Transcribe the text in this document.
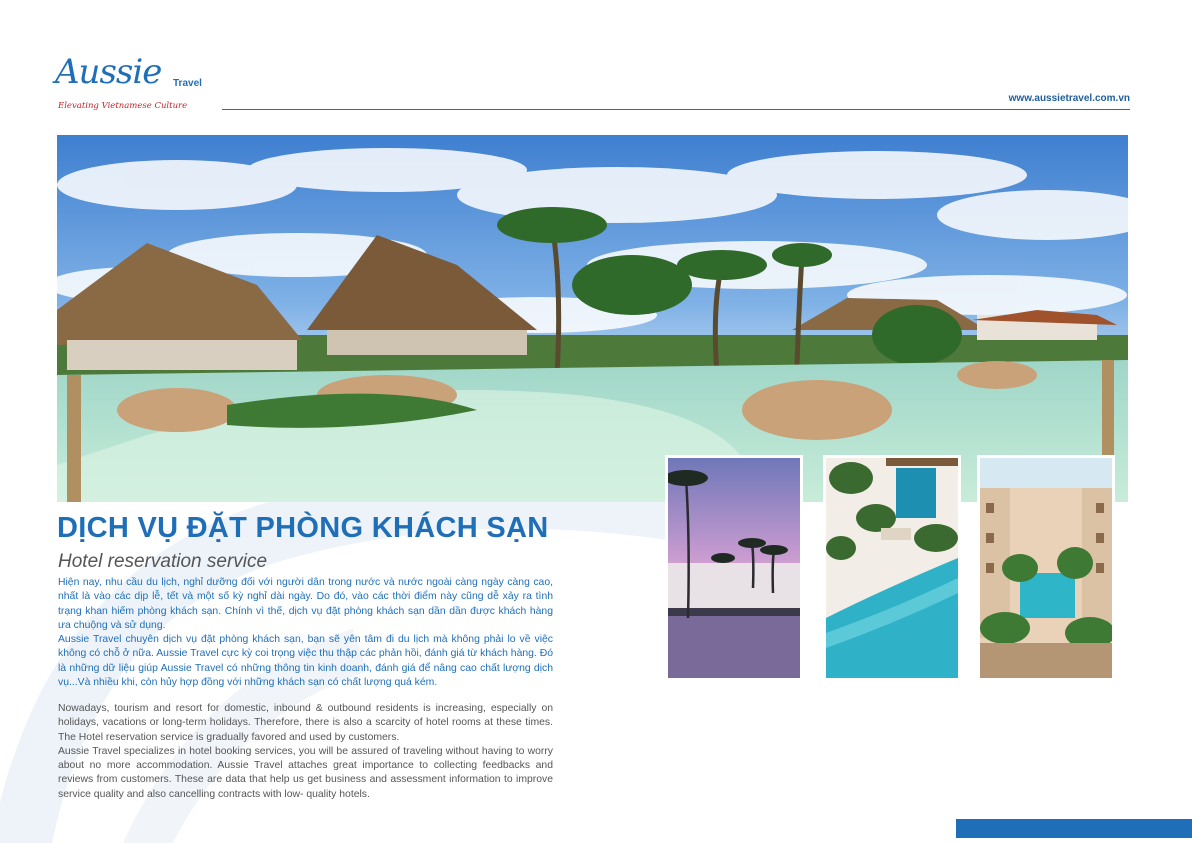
Aussie Travel
Elevating Vietnamese Culture
www.aussietravel.com.vn
DỊCH VỤ ĐẶT PHÒNG KHÁCH SẠN
Hotel reservation service

Hiện nay, nhu cầu du lịch, nghỉ dưỡng đối với người dân trong nước và nước ngoài càng ngày càng cao, nhất là vào các dịp lễ, tết và một số kỳ nghỉ dài ngày. Do đó, vào các thời điểm này cũng dễ xảy ra tình trạng khan hiếm phòng khách sạn. Chính vì thế, dịch vụ đặt phòng khách sạn dần dần được khách hàng ưa chuộng và sử dụng.

Aussie Travel chuyên dịch vụ đặt phòng khách sạn, bạn sẽ yên tâm đi du lịch mà không phải lo về việc không có chỗ ở nữa. Aussie Travel cực kỳ coi trọng việc thu thập các phản hồi, đánh giá từ khách hàng. Đó là những dữ liệu giúp Aussie Travel có những thông tin kinh doanh, đánh giá để nâng cao chất lượng dịch vụ...Và nhiều khi, còn hủy hợp đồng với những khách sạn có chất lượng quá kém.

Nowadays, tourism and resort for domestic, inbound & outbound residents is increasing, especially on holidays, vacations or long-term holidays. Therefore, there is also a scarcity of hotel rooms at these times. The Hotel reservation service is gradually favored and used by customers.

Aussie Travel specializes in hotel booking services, you will be assured of traveling without having to worry about no more accommodation. Aussie Travel attaches great importance to collecting feedbacks and reviews from customers. These are data that help us get business and assessment information to improve service quality and also cancelling contracts with low- quality hotels.
